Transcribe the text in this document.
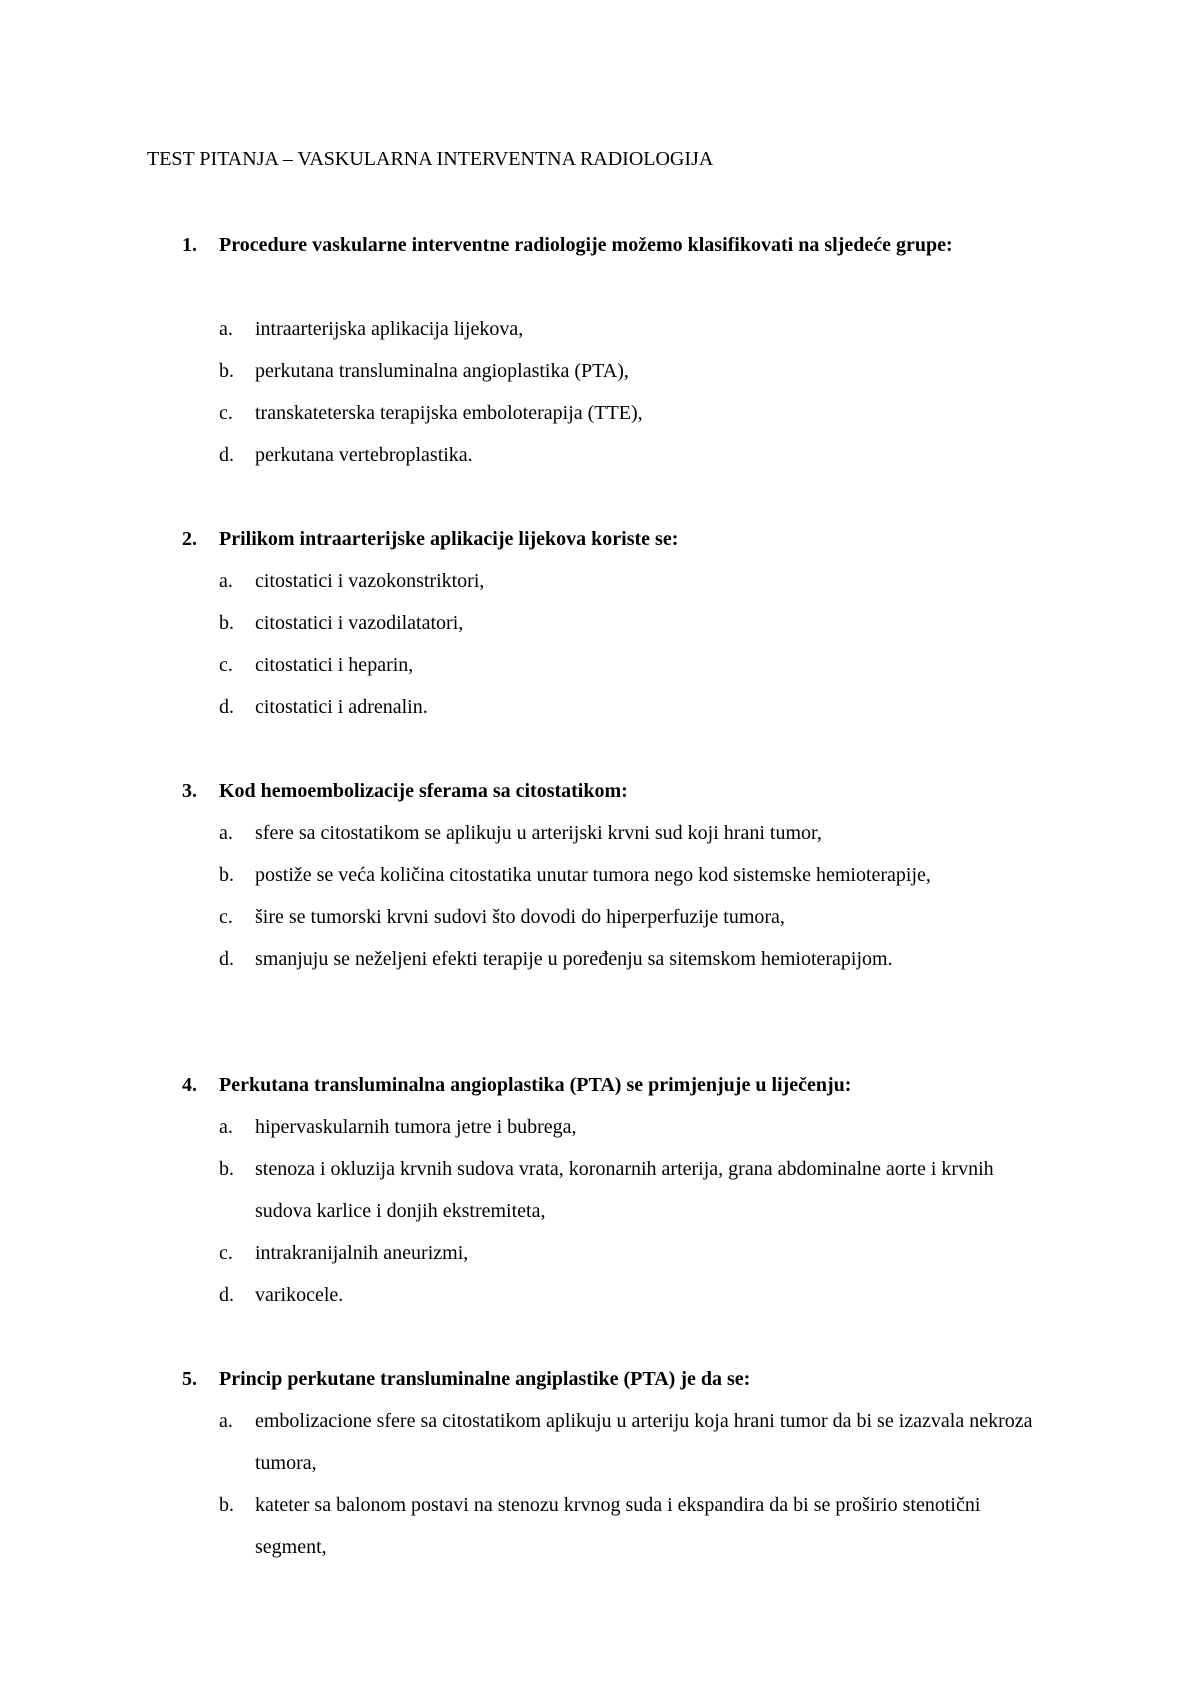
TEST PITANJA – VASKULARNA INTERVENTNA RADIOLOGIJA
1. Procedure vaskularne interventne radiologije možemo klasifikovati na sljedeće grupe:
a. intraarterijska aplikacija lijekova,
b. perkutana transluminalna angioplastika (PTA),
c. transkateterska terapijska emboloterapija (TTE),
d. perkutana vertebroplastika.
2. Prilikom intraarterijske aplikacije lijekova koriste se:
a. citostatici i vazokonstriktori,
b. citostatici i vazodilatatori,
c. citostatici i heparin,
d. citostatici i adrenalin.
3. Kod hemoembolizacije sferama sa citostatikom:
a. sfere sa citostatikom se aplikuju u arterijski krvni sud koji hrani tumor,
b. postiže se veća količina citostatika unutar tumora nego kod sistemske hemioterapije,
c. šire se tumorski krvni sudovi što dovodi do hiperperfuzije tumora,
d. smanjuju se neželjeni efekti terapije u poređenju sa sitemskom hemioterapijom.
4. Perkutana transluminalna angioplastika (PTA) se primjenjuje u liječenju:
a. hipervaskularnih tumora jetre i bubrega,
b. stenoza i okluzija krvnih sudova vrata, koronarnih arterija, grana abdominalne aorte i krvnih sudova karlice i donjih ekstremiteta,
c. intrakranijalnih aneurizmi,
d. varikocele.
5. Princip perkutane transluminalne angiplastike (PTA) je da se:
a. embolizacione sfere sa citostatikom aplikuju u arteriju koja hrani tumor da bi se izazvala nekroza tumora,
b. kateter sa balonom postavi na stenozu krvnog suda i ekspandira da bi se proširio stenotični segment,
